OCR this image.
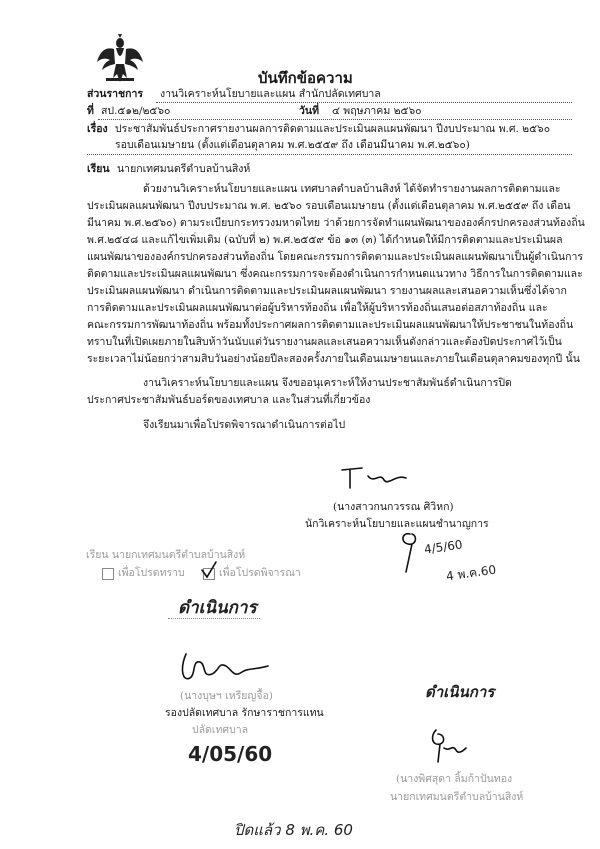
บันทึกข้อความ
ส่วนราชการ งานวิเคราะห์นโยบายและแผน สำนักปลัดเทศบาล
ที่ สป.๕๑๒/๒๕๖๐	วันที่ ๔ พฤษภาคม ๒๕๖๐
เรื่อง ประชาสัมพันธ์ประกาศรายงานผลการติดตามและประเมินผลแผนพัฒนา ปีงบประมาณ พ.ศ. ๒๕๖๐
รอบเดือนเมษายน (ตั้งแต่เดือนตุลาคม พ.ศ.๒๕๕๙ ถึง เดือนมีนาคม พ.ศ.๒๕๖๐)
เรียน นายกเทศมนตรีตำบลบ้านสิงห์
ด้วยงานวิเคราะห์นโยบายและแผน เทศบาลตำบลบ้านสิงห์ ได้จัดทำรายงานผลการติดตามและ
ประเมินผลแผนพัฒนา ปีงบประมาณ พ.ศ. ๒๕๖๐ รอบเดือนเมษายน (ตั้งแต่เดือนตุลาคม พ.ศ.๒๕๕๙ ถึง เดือน
มีนาคม พ.ศ.๒๕๖๐) ตามระเบียบกระทรวงมหาดไทย ว่าด้วยการจัดทำแผนพัฒนาขององค์กรปกครองส่วนท้องถิ่น
พ.ศ.๒๕๔๘ และแก้ไขเพิ่มเติม (ฉบับที่ ๒) พ.ศ.๒๕๕๙ ข้อ ๑๓ (๓) ได้กำหนดให้มีการติดตามและประเมินผล
แผนพัฒนาขององค์กรปกครองส่วนท้องถิ่น โดยคณะกรรมการติดตามและประเมินผลแผนพัฒนาเป็นผู้ดำเนินการ
ติดตามและประเมินผลแผนพัฒนา ซึ่งคณะกรรมการจะต้องดำเนินการกำหนดแนวทาง วิธีการในการติดตามและ
ประเมินผลแผนพัฒนา ดำเนินการติดตามและประเมินผลแผนพัฒนา รายงานผลและเสนอความเห็นซึ่งได้จาก
การติดตามและประเมินผลแผนพัฒนาต่อผู้บริหารท้องถิ่น เพื่อให้ผู้บริหารท้องถิ่นเสนอต่อสภาท้องถิ่น และ
คณะกรรมการพัฒนาท้องถิ่น พร้อมทั้งประกาศผลการติดตามและประเมินผลแผนพัฒนาให้ประชาชนในท้องถิ่น
ทราบในที่เปิดเผยภายในสิบห้าวันนับแต่วันรายงานผลและเสนอความเห็นดังกล่าวและต้องปิดประกาศไว้เป็น
ระยะเวลาไม่น้อยกว่าสามสิบวันอย่างน้อยปีละสองครั้งภายในเดือนเมษายนและภายในเดือนตุลาคมของทุกปี นั้น
งานวิเคราะห์นโยบายและแผน จึงขออนุเคราะห์ให้งานประชาสัมพันธ์ดำเนินการปิด
ประกาศประชาสัมพันธ์บอร์ดของเทศบาล และในส่วนที่เกี่ยวข้อง
จึงเรียนมาเพื่อโปรดพิจารณาดำเนินการต่อไป
(นางสาวกนกวรรณ ศิวิหก)
นักวิเคราะห์นโยบายและแผนชำนาญการ
เรียน นายกเทศมนตรีตำบลบ้านสิงห์
เพื่อโปรดทราบ	เพื่อโปรดพิจารณา
ดำเนินการ
(นางบุษฯ เหรียญจื้อ)
รองปลัดเทศบาล รักษาราชการแทน
ปลัดเทศบาล
4/05/60
4/5/60
4 พ.ค.60
ดำเนินการ
(นางพิศสุดา ลิ้มก้าปันทอง
นายกเทศมนตรีตำบลบ้านสิงห์
ปิดแล้ว 8 พ.ค. 60
